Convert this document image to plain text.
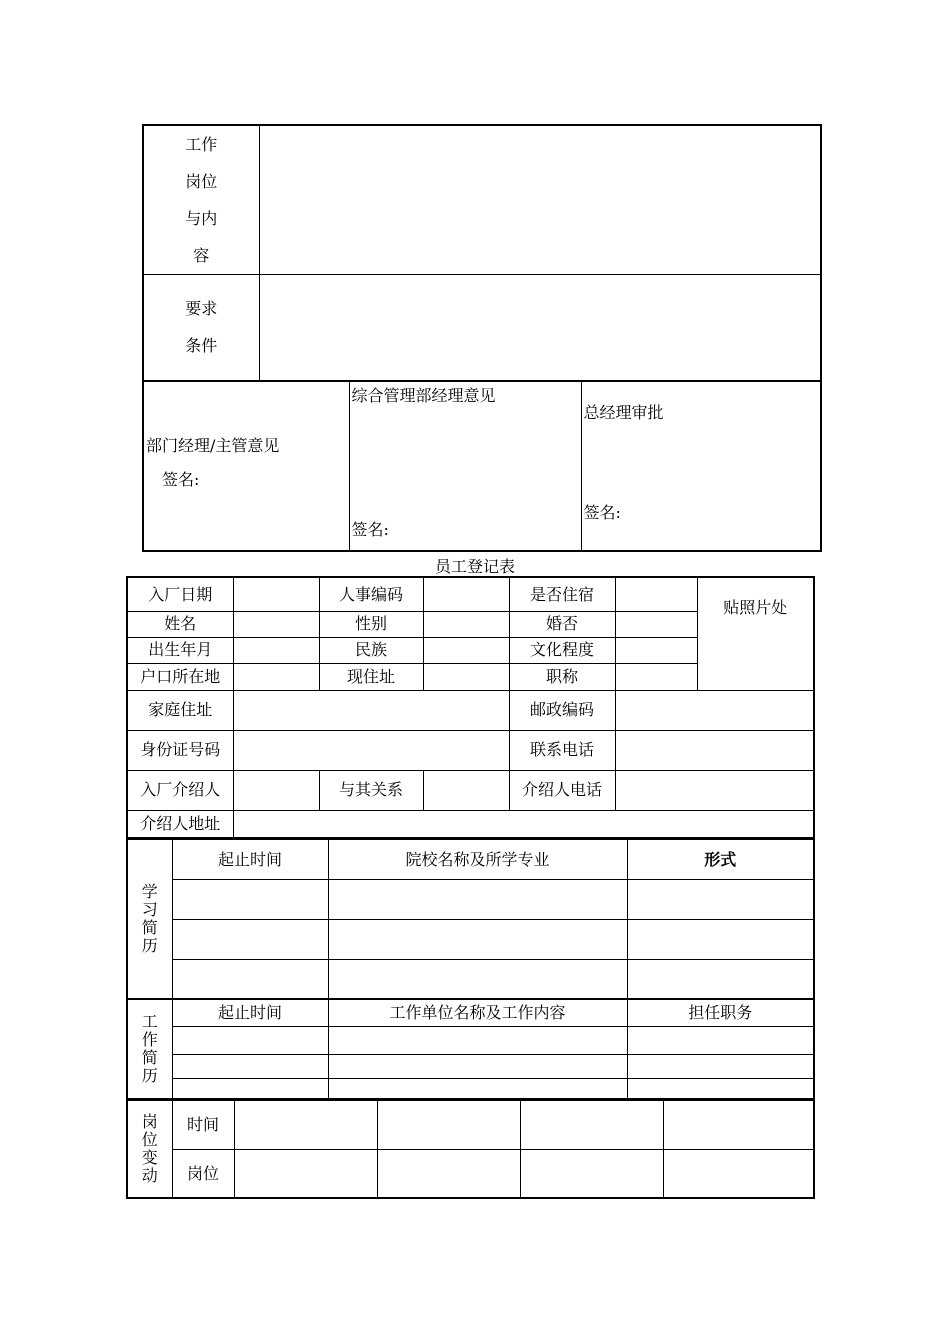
工作
岗位
与内
容	

要求
条件	

部门经理/主管意见
签名:

综合管理部经理意见
签名:

总经理审批
签名:
员工登记表
入厂日期		人事编码		是否住宿		贴照片处
姓名		性别		婚否		
出生年月		民族		文化程度		
户口所在地		现住址		职称		
家庭住址				邮政编码		
身份证号码				联系电话		
入厂介绍人		与其关系		介绍人电话		
介绍人地址						
学
习
简
历	起止时间	院校名称及所学专业	形式

工
作
简
历	起止时间	工作单位名称及工作内容	担任职务

岗
位
变
动	时间				
	岗位				
